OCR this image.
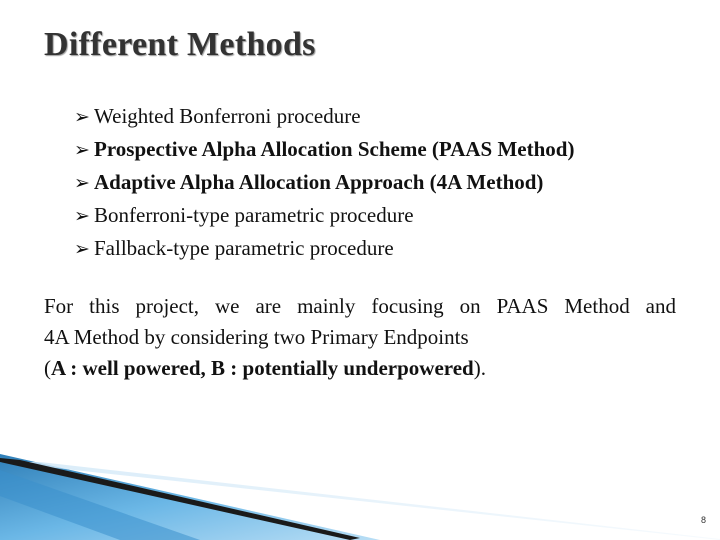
Different Methods
➢ Weighted Bonferroni procedure
➢ Prospective Alpha Allocation Scheme (PAAS Method)
➢ Adaptive Alpha Allocation Approach (4A Method)
➢ Bonferroni-type parametric procedure
➢ Fallback-type parametric procedure
For this project, we are mainly focusing on PAAS Method and
4A Method by considering two Primary Endpoints
(A : well powered, B : potentially underpowered).
8
